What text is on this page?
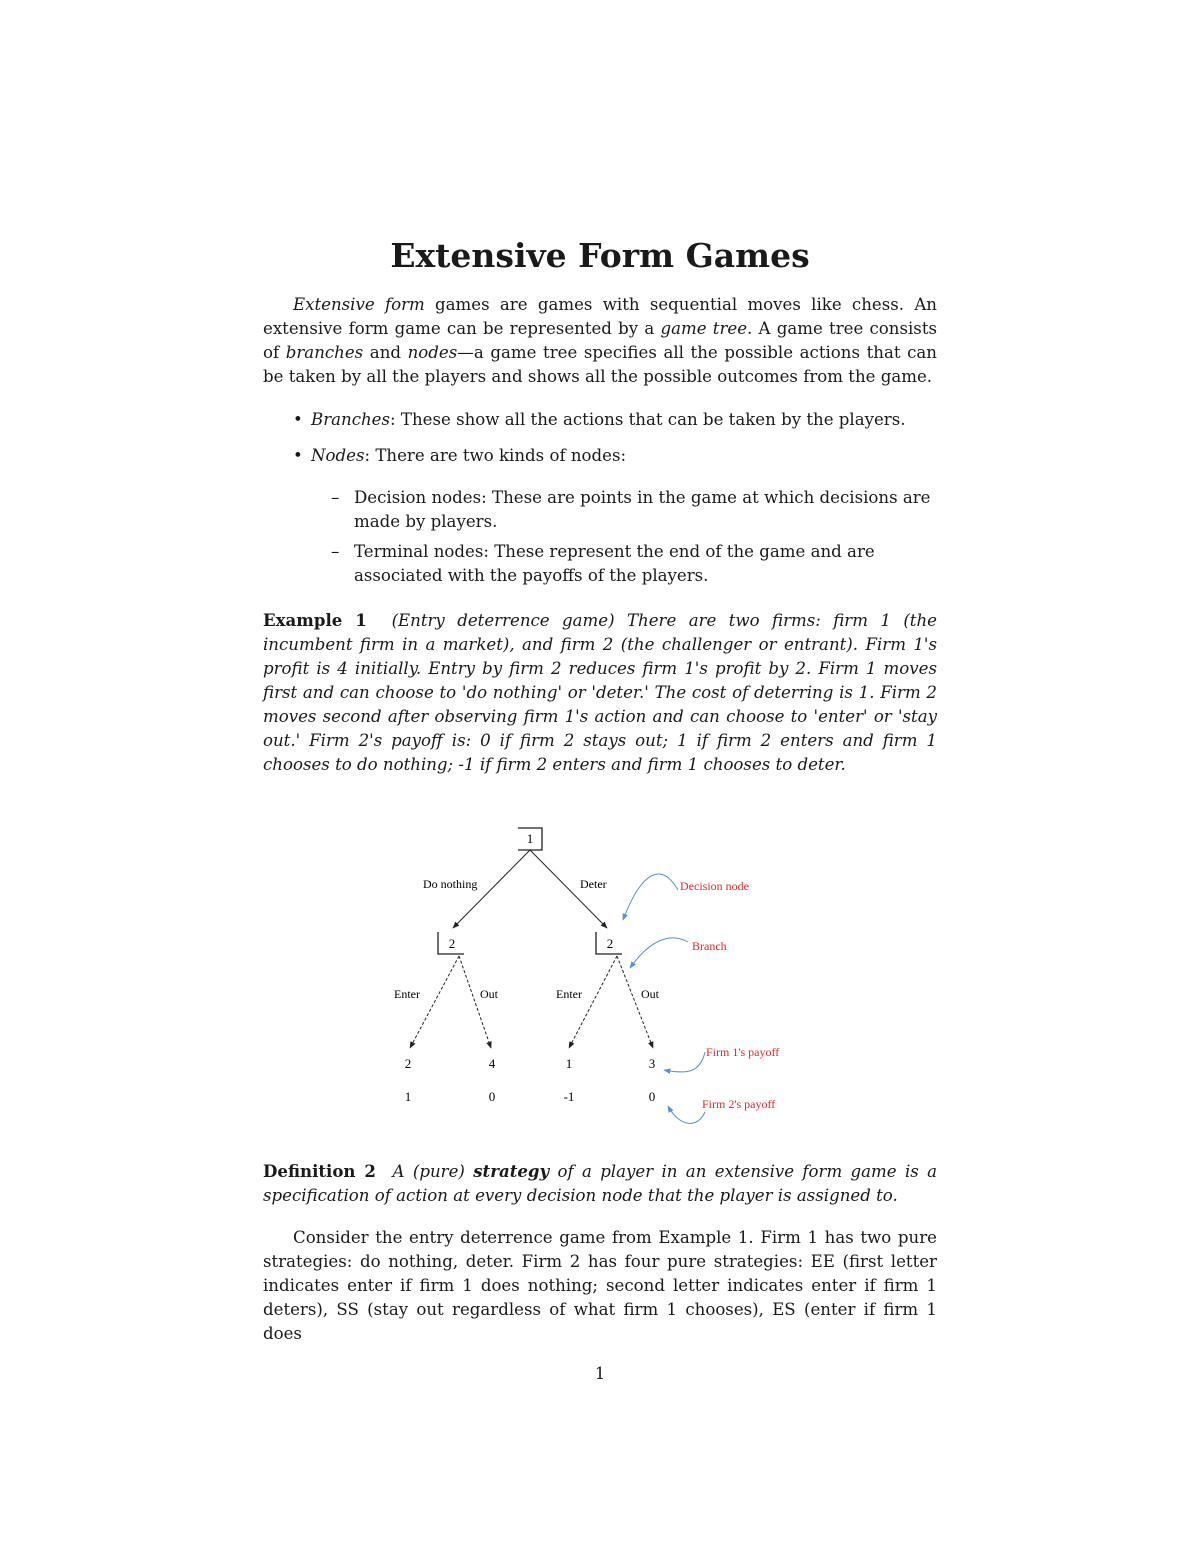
Extensive Form Games

Extensive form games are games with sequential moves like chess. An extensive form game can be represented by a game tree. A game tree consists of branches and nodes—a game tree specifies all the possible actions that can be taken by all the players and shows all the possible outcomes from the game.

• Branches: These show all the actions that can be taken by the players.
• Nodes: There are two kinds of nodes:
– Decision nodes: These are points in the game at which decisions are made by players.
– Terminal nodes: These represent the end of the game and are associated with the payoffs of the players.

Example 1 (Entry deterrence game) There are two firms: firm 1 (the incumbent firm in a market), and firm 2 (the challenger or entrant). Firm 1's profit is 4 initially. Entry by firm 2 reduces firm 1's profit by 2. Firm 1 moves first and can choose to 'do nothing' or 'deter.' The cost of deterring is 1. Firm 2 moves second after observing firm 1's action and can choose to 'enter' or 'stay out.' Firm 2's payoff is: 0 if firm 2 stays out; 1 if firm 2 enters and firm 1 chooses to do nothing; -1 if firm 2 enters and firm 1 chooses to deter.

1
Do nothing	Deter
2	2
Enter	Out	Enter	Out
2	4	1	3
1	0	-1	0
Decision node
Branch
Firm 1's payoff
Firm 2's payoff

Definition 2 A (pure) strategy of a player in an extensive form game is a specification of action at every decision node that the player is assigned to.

Consider the entry deterrence game from Example 1. Firm 1 has two pure strategies: do nothing, deter. Firm 2 has four pure strategies: EE (first letter indicates enter if firm 1 does nothing; second letter indicates enter if firm 1 deters), SS (stay out regardless of what firm 1 chooses), ES (enter if firm 1 does

1
